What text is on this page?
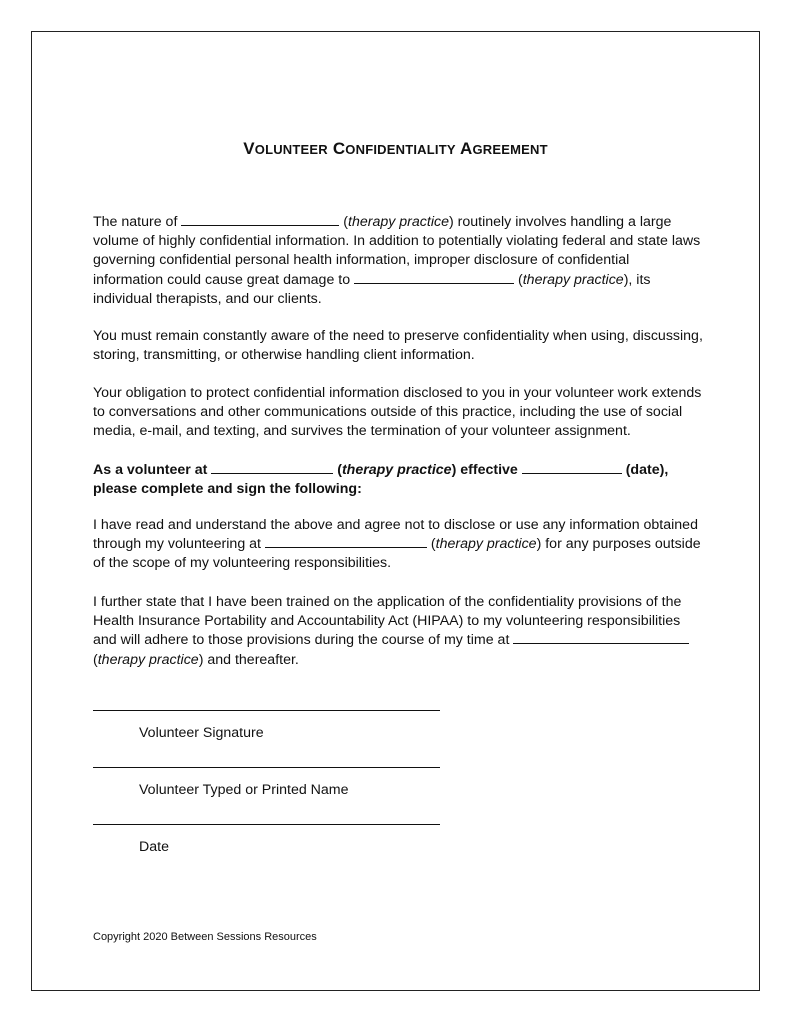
VOLUNTEER CONFIDENTIALITY AGREEMENT

The nature of	(therapy practice) routinely involves handling a large volume of highly confidential information. In addition to potentially violating federal and state laws governing confidential personal health information, improper disclosure of confidential information could cause great damage to	(therapy practice), its individual therapists, and our clients.

You must remain constantly aware of the need to preserve confidentiality when using, discussing, storing, transmitting, or otherwise handling client information.

Your obligation to protect confidential information disclosed to you in your volunteer work extends to conversations and other communications outside of this practice, including the use of social media, e-mail, and texting, and survives the termination of your volunteer assignment.

As a volunteer at	(therapy practice) effective	(date),
please complete and sign the following:

I have read and understand the above and agree not to disclose or use any information obtained through my volunteering at	(therapy practice) for any purposes outside of the scope of my volunteering responsibilities.

I further state that I have been trained on the application of the confidentiality provisions of the Health Insurance Portability and Accountability Act (HIPAA) to my volunteering responsibilities and will adhere to those provisions during the course of my time at  (therapy practice) and thereafter.

Volunteer Signature
Volunteer Typed or Printed Name
Date
Copyright 2020 Between Sessions Resources
